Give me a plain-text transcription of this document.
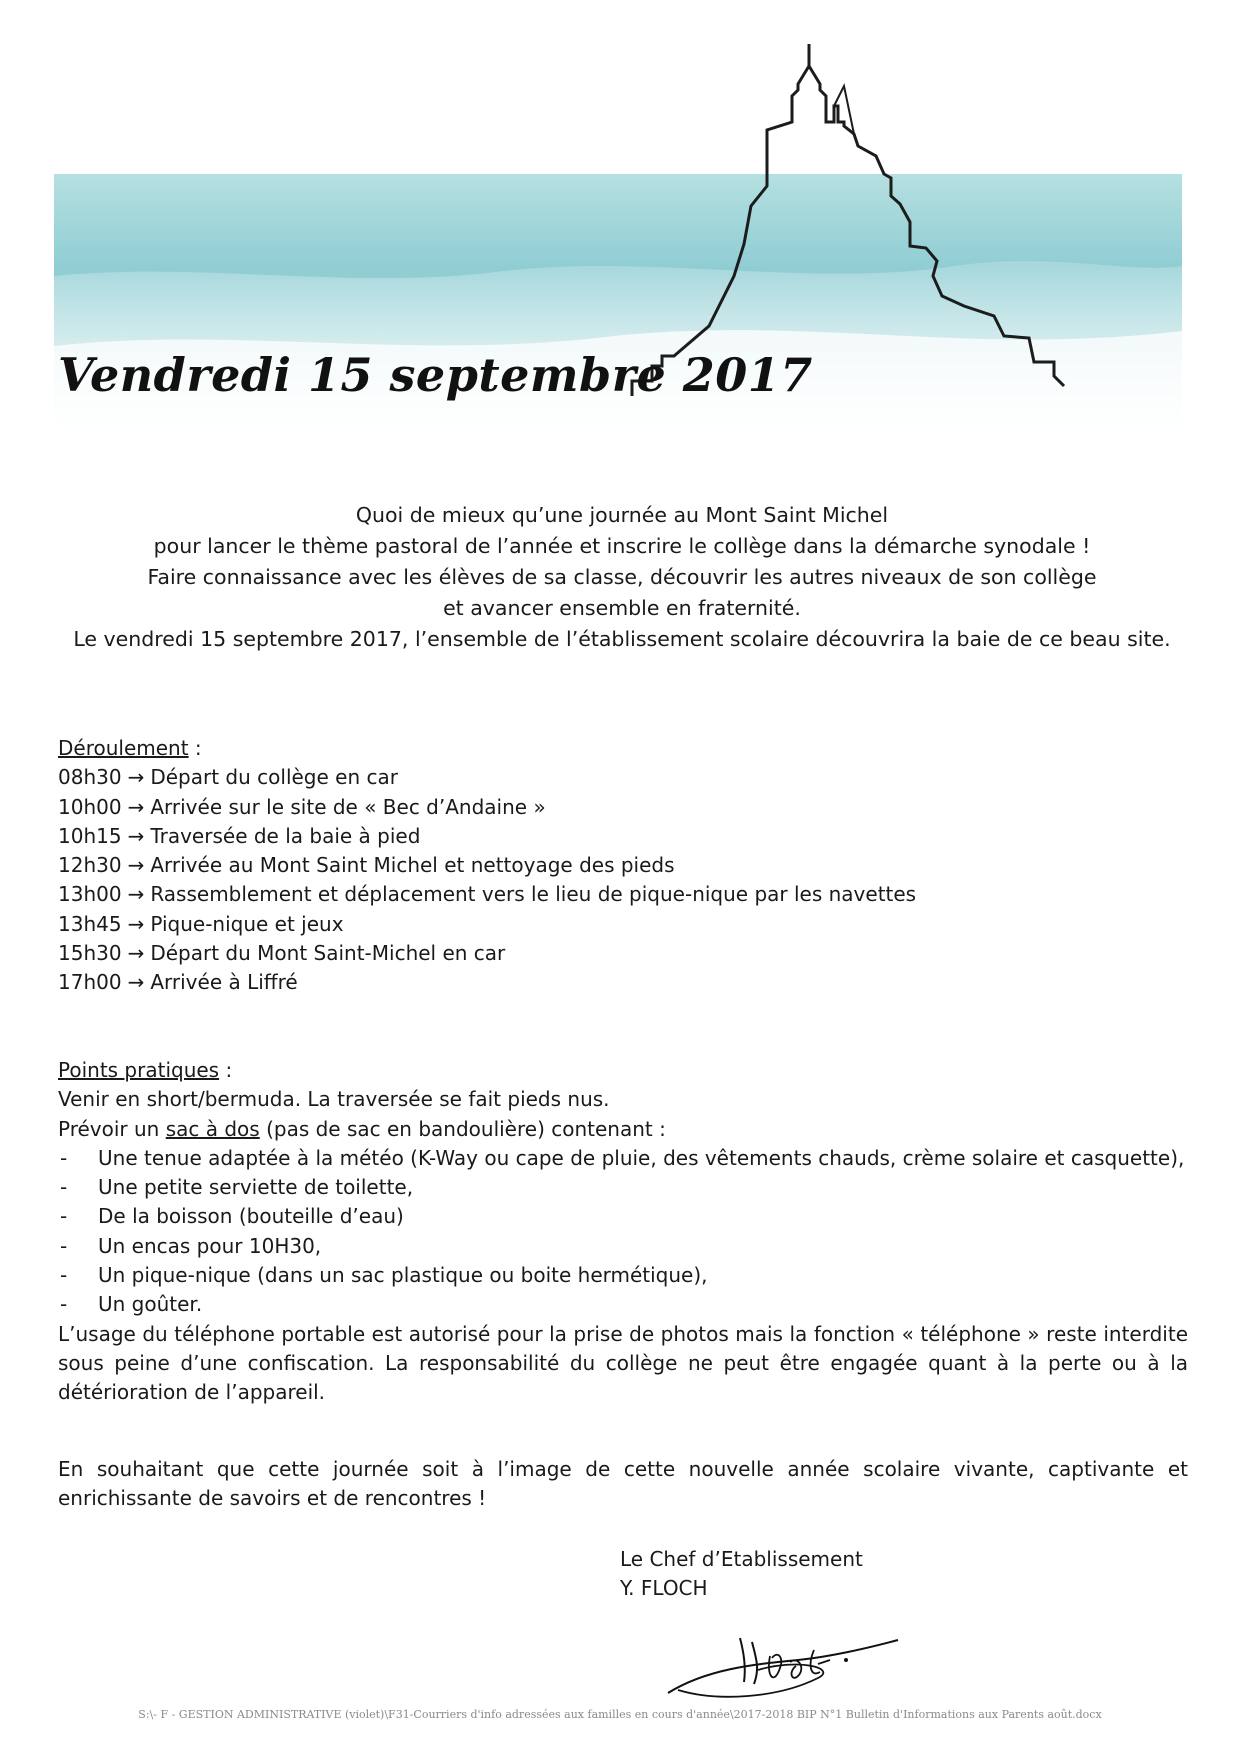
Vendredi 15 septembre 2017

Quoi de mieux qu’une journée au Mont Saint Michel

pour lancer le thème pastoral de l’année et inscrire le collège dans la démarche synodale !

Faire connaissance avec les élèves de sa classe, découvrir les autres niveaux de son collège

et avancer ensemble en fraternité.

Le vendredi 15 septembre 2017, l’ensemble de l’établissement scolaire découvrira la baie de ce beau site.

Déroulement :

08h30 → Départ du collège en car

10h00 → Arrivée sur le site de « Bec d’Andaine »

10h15 → Traversée de la baie à pied

12h30 → Arrivée au Mont Saint Michel et nettoyage des pieds

13h00 → Rassemblement et déplacement vers le lieu de pique-nique par les navettes

13h45 → Pique-nique et jeux

15h30 → Départ du Mont Saint-Michel en car

17h00 → Arrivée à Liffré

Points pratiques :

Venir en short/bermuda. La traversée se fait pieds nus.

Prévoir un sac à dos (pas de sac en bandoulière) contenant :

- Une tenue adaptée à la météo (K-Way ou cape de pluie, des vêtements chauds, crème solaire et casquette),
- Une petite serviette de toilette,
- De la boisson (bouteille d’eau)
- Un encas pour 10H30,
- Un pique-nique (dans un sac plastique ou boite hermétique),
- Un goûter.

L’usage du téléphone portable est autorisé pour la prise de photos mais la fonction « téléphone » reste interdite sous peine d’une confiscation. La responsabilité du collège ne peut être engagée quant à la perte ou à la détérioration de l’appareil.

En souhaitant que cette journée soit à l’image de cette nouvelle année scolaire vivante, captivante et enrichissante de savoirs et de rencontres !

Le Chef d’Etablissement

Y. FLOCH

S:\- F - GESTION ADMINISTRATIVE (violet)\F31-Courriers d'info adressées aux familles en cours d'année\2017-2018 BIP N°1 Bulletin d'Informations aux Parents août.docx
